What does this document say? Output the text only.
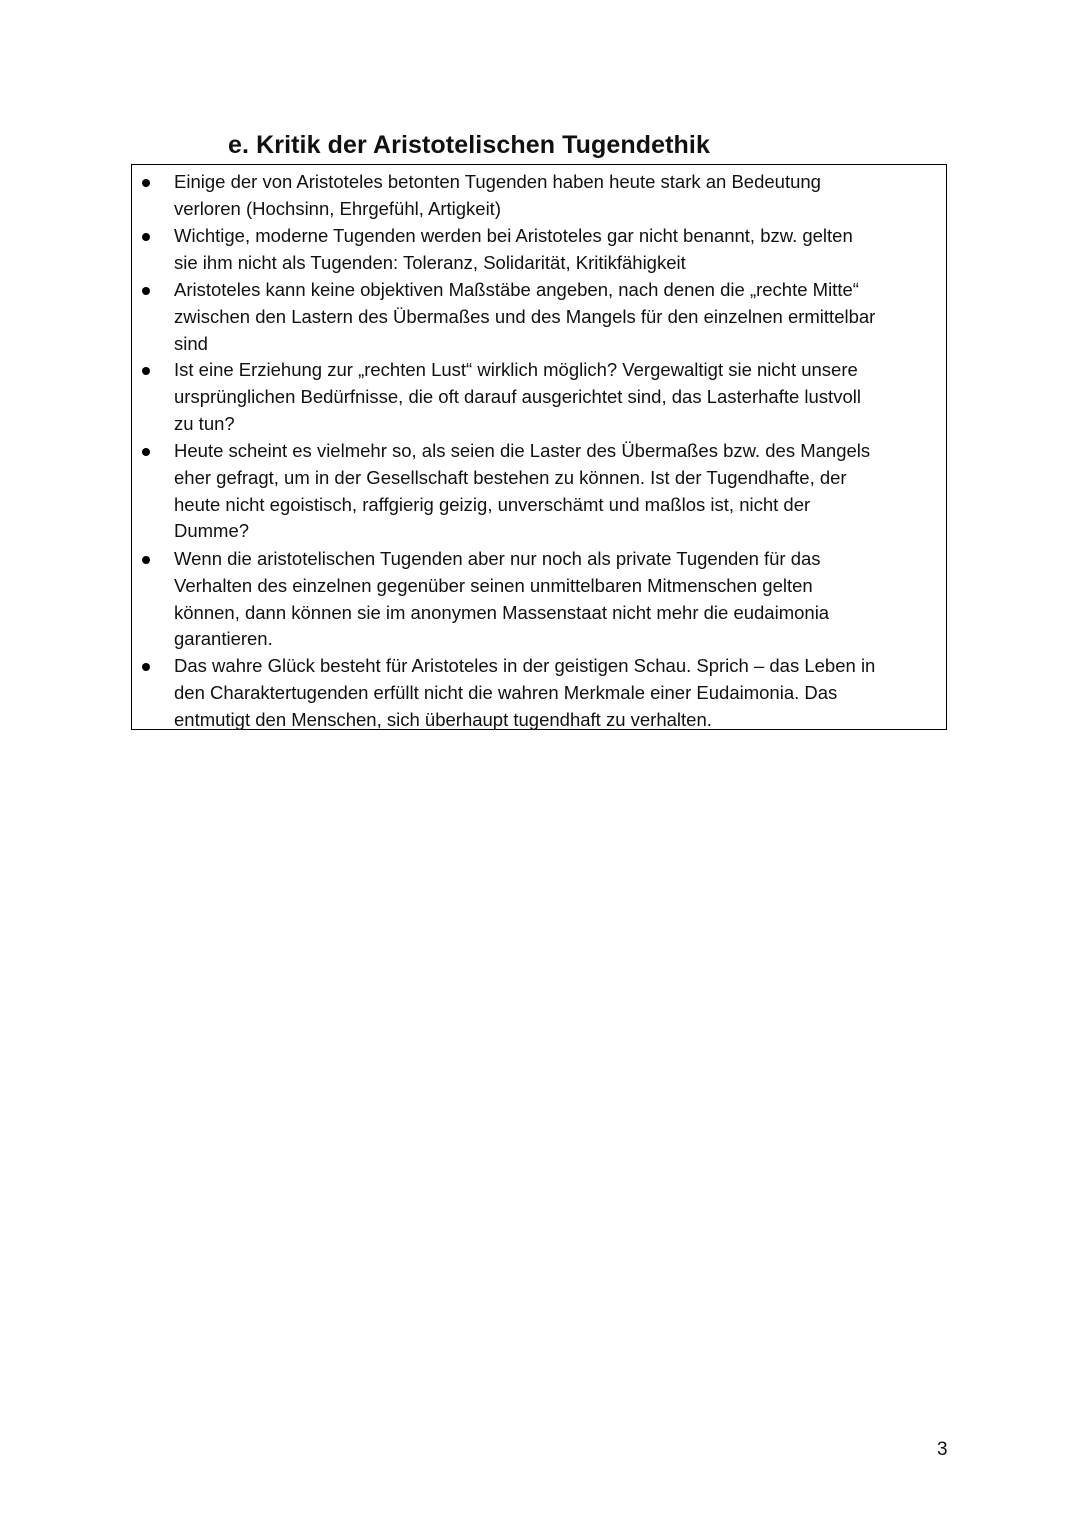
e. Kritik der Aristotelischen Tugendethik
Einige der von Aristoteles betonten Tugenden haben heute stark an Bedeutung
verloren (Hochsinn, Ehrgefühl, Artigkeit)
Wichtige, moderne Tugenden werden bei Aristoteles gar nicht benannt, bzw. gelten
sie ihm nicht als Tugenden: Toleranz, Solidarität, Kritikfähigkeit
Aristoteles kann keine objektiven Maßstäbe angeben, nach denen die „rechte Mitte“
zwischen den Lastern des Übermaßes und des Mangels für den einzelnen ermittelbar
sind
Ist eine Erziehung zur „rechten Lust“ wirklich möglich? Vergewaltigt sie nicht unsere
ursprünglichen Bedürfnisse, die oft darauf ausgerichtet sind, das Lasterhafte lustvoll
zu tun?
Heute scheint es vielmehr so, als seien die Laster des Übermaßes bzw. des Mangels
eher gefragt, um in der Gesellschaft bestehen zu können. Ist der Tugendhafte, der
heute nicht egoistisch, raffgierig geizig, unverschämt und maßlos ist, nicht der
Dumme?
Wenn die aristotelischen Tugenden aber nur noch als private Tugenden für das
Verhalten des einzelnen gegenüber seinen unmittelbaren Mitmenschen gelten
können, dann können sie im anonymen Massenstaat nicht mehr die eudaimonia
garantieren.
Das wahre Glück besteht für Aristoteles in der geistigen Schau. Sprich – das Leben in
den Charaktertugenden erfüllt nicht die wahren Merkmale einer Eudaimonia. Das
entmutigt den Menschen, sich überhaupt tugendhaft zu verhalten.
3
